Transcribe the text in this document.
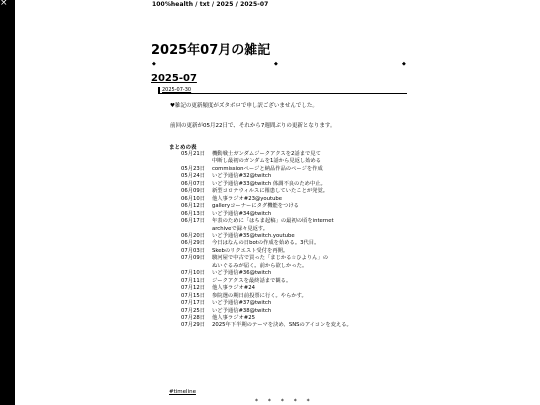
×	100%health / txt / 2025 / 2025-07
2025年07月の雑記
◆	◆	◆
2025-07
2025-07-30
♥雑記の更新頻度がズタボロで申し訳ございませんでした。
前回の更新が05月22日で、それから7週間ぶりの更新となります。
まとめの表
05月21日 機動戦士ガンダムジークアクスを2話まで見て
中断し最初のガンダムを1話から見返し始める
05月23日 commissionページと納品作品のページを作成
05月24日 いど予通信#32@twitch
06月07日 いど予通信#33@twitch 体調不良のため中止。
06月09日 新型コロナウィルスに罹患していたことが発覚。
06月10日 他人事ラジオ#23@youtube
06月12日 galleryコーナーにタグ機能をつける
06月13日 いど予通信#34@twitch
06月17日 年表のために「はちま起稿」の最初の頃をinternet
archiveで録々見返す。
06月20日 いど予通信#35@twitch.youtube
06月29日 今日はなんの日botの作成を始める。3代目。
07月03日 Skebのリクエスト受付を再開。
07月09日 駿河屋で中古で買った「まじかる☆ひよりん」の
ぬいぐるみが届く。前から欲しかった。
07月10日 いど予通信#36@twitch
07月11日 ジークアクスを最終話まで観る。
07月12日 他人事ラジオ#24
07月15日 参院選の期日前投票に行く。やらかす。
07月17日 いど予通信#37@twitch
07月25日 いど予通信#38@twitch
07月28日 他人事ラジオ#25
07月29日 2025年下半期のテーマを決め、SNSのアイコンを変える。
#timeline
* * * * *
